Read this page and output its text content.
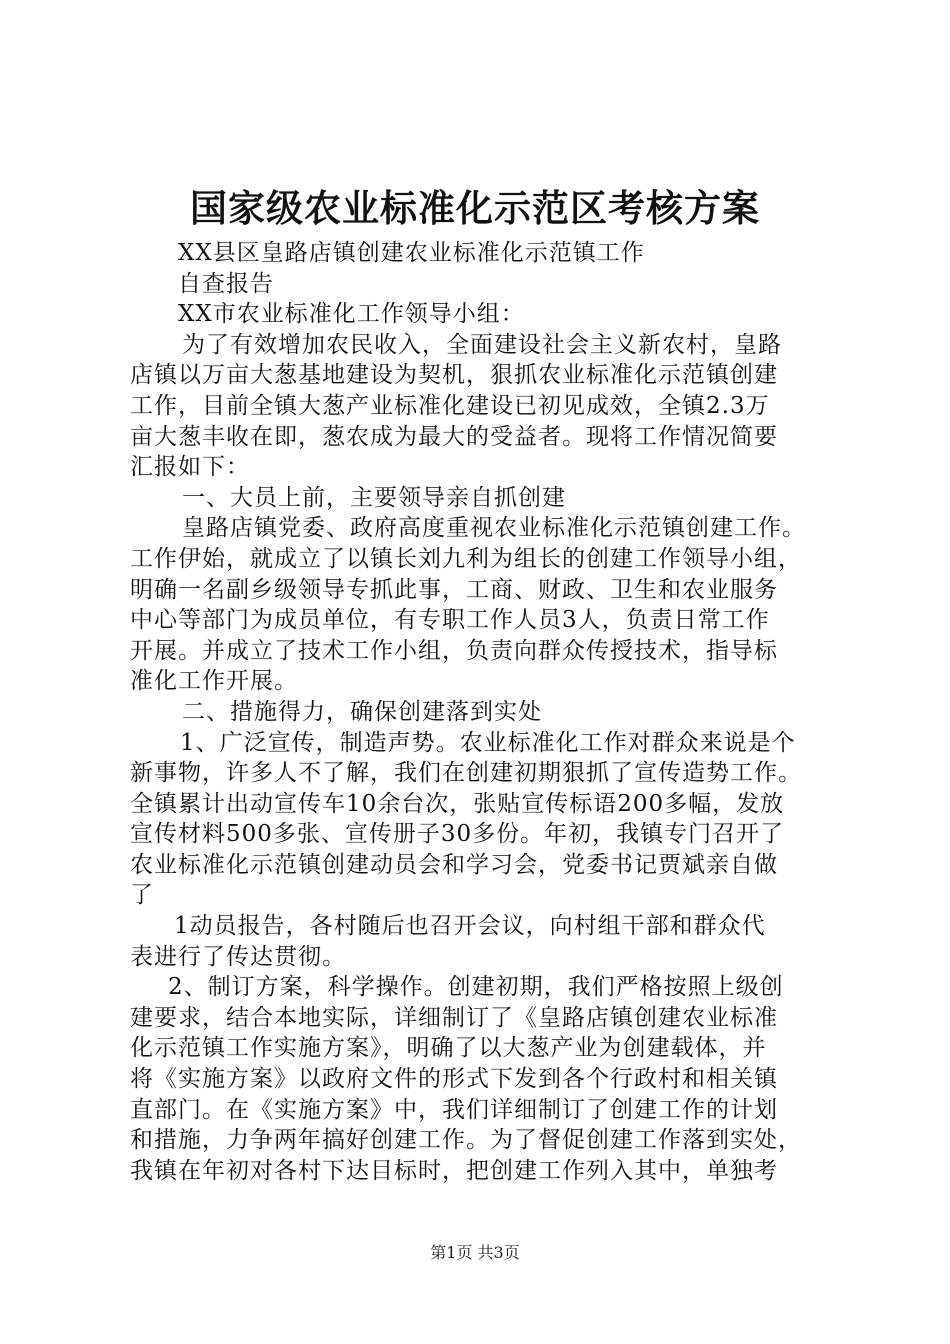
国家级农业标准化示范区考核方案
XX县区皇路店镇创建农业标准化示范镇工作
自查报告
XX市农业标准化工作领导小组：
为了有效增加农民收入，全面建设社会主义新农村，皇路
店镇以万亩大葱基地建设为契机，狠抓农业标准化示范镇创建
工作，目前全镇大葱产业标准化建设已初见成效，全镇2.3万
亩大葱丰收在即，葱农成为最大的受益者。现将工作情况简要
汇报如下：
一、大员上前，主要领导亲自抓创建
皇路店镇党委、政府高度重视农业标准化示范镇创建工作。
工作伊始，就成立了以镇长刘九利为组长的创建工作领导小组，
明确一名副乡级领导专抓此事，工商、财政、卫生和农业服务
中心等部门为成员单位，有专职工作人员3人，负责日常工作
开展。并成立了技术工作小组，负责向群众传授技术，指导标
准化工作开展。
二、措施得力，确保创建落到实处
1、广泛宣传，制造声势。农业标准化工作对群众来说是个
新事物，许多人不了解，我们在创建初期狠抓了宣传造势工作。
全镇累计出动宣传车10余台次，张贴宣传标语200多幅，发放
宣传材料500多张、宣传册子30多份。年初，我镇专门召开了
农业标准化示范镇创建动员会和学习会，党委书记贾斌亲自做
了
1动员报告，各村随后也召开会议，向村组干部和群众代
表进行了传达贯彻。
2、制订方案，科学操作。创建初期，我们严格按照上级创
建要求，结合本地实际，详细制订了《皇路店镇创建农业标准
化示范镇工作实施方案》，明确了以大葱产业为创建载体，并
将《实施方案》以政府文件的形式下发到各个行政村和相关镇
直部门。在《实施方案》中，我们详细制订了创建工作的计划
和措施，力争两年搞好创建工作。为了督促创建工作落到实处，
我镇在年初对各村下达目标时，把创建工作列入其中，单独考
第1页 共3页
